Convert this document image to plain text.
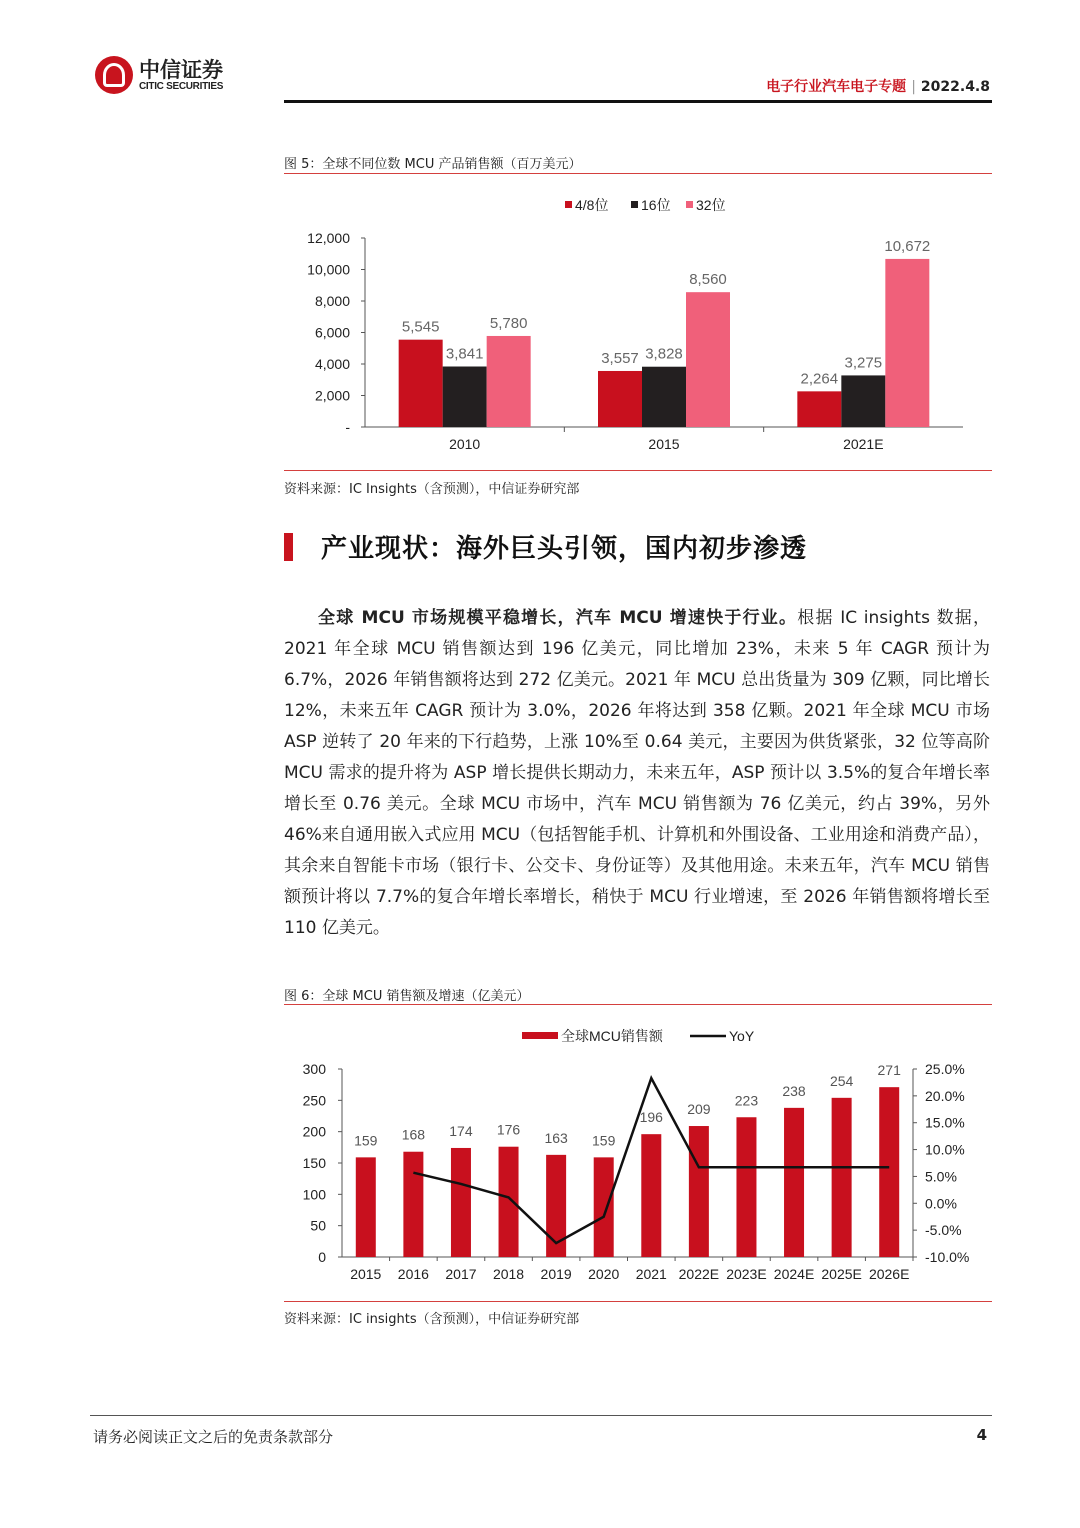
中信证券
CITIC SECURITIES	电子行业汽车电子专题 | 2022.4.8
图 5：全球不同位数 MCU 产品销售额（百万美元）
-
2,000
4,000
6,000
8,000
10,000
12,000
2010
5,545
3,841
5,780
2015
3,557 3,828
8,560
2021E
2,264
3,275
10,672
4/8位 16位 32位
资料来源：IC Insights（含预测），中信证券研究部
产业现状：海外巨头引领，国内初步渗透
全球 MCU 市场规模平稳增长，汽车 MCU 增速快于行业。根据 IC insights 数据，2021 年全球 MCU 销售额达到 196 亿美元，同比增加 23%，未来 5 年 CAGR 预计为 6.7%，2026 年销售额将达到 272 亿美元。2021 年 MCU 总出货量为 309 亿颗，同比增长 12%，未来五年 CAGR 预计为 3.0%，2026 年将达到 358 亿颗。2021 年全球 MCU 市场 ASP 逆转了 20 年来的下行趋势，上涨 10%至 0.64 美元，主要因为供货紧张，32 位等高阶 MCU 需求的提升将为 ASP 增长提供长期动力，未来五年，ASP 预计以 3.5%的复合年增长率增长至 0.76 美元。全球 MCU 市场中，汽车 MCU 销售额为 76 亿美元，约占 39%，另外 46%来自通用嵌入式应用 MCU（包括智能手机、计算机和外围设备、工业用途和消费产品），其余来自智能卡市场（银行卡、公交卡、身份证等）及其他用途。未来五年，汽车 MCU 销售额预计将以 7.7%的复合年增长率增长，稍快于 MCU 行业增速，至 2026 年销售额将增长至 110 亿美元。
图 6：全球 MCU 销售额及增速（亿美元）
0
50
100
150
200
250
300
-10.0%
-5.0%
0.0%
5.0%
10.0%
15.0%
20.0%
25.0%
159
2015
168
2016
174
2017
176
2018
163
2019
159
2020
196
2021
209
2022E
223
2023E
238
2024E
254
2025E
271
2026E
全球MCU销售额	YoY
资料来源：IC insights（含预测），中信证券研究部
请务必阅读正文之后的免责条款部分	4
